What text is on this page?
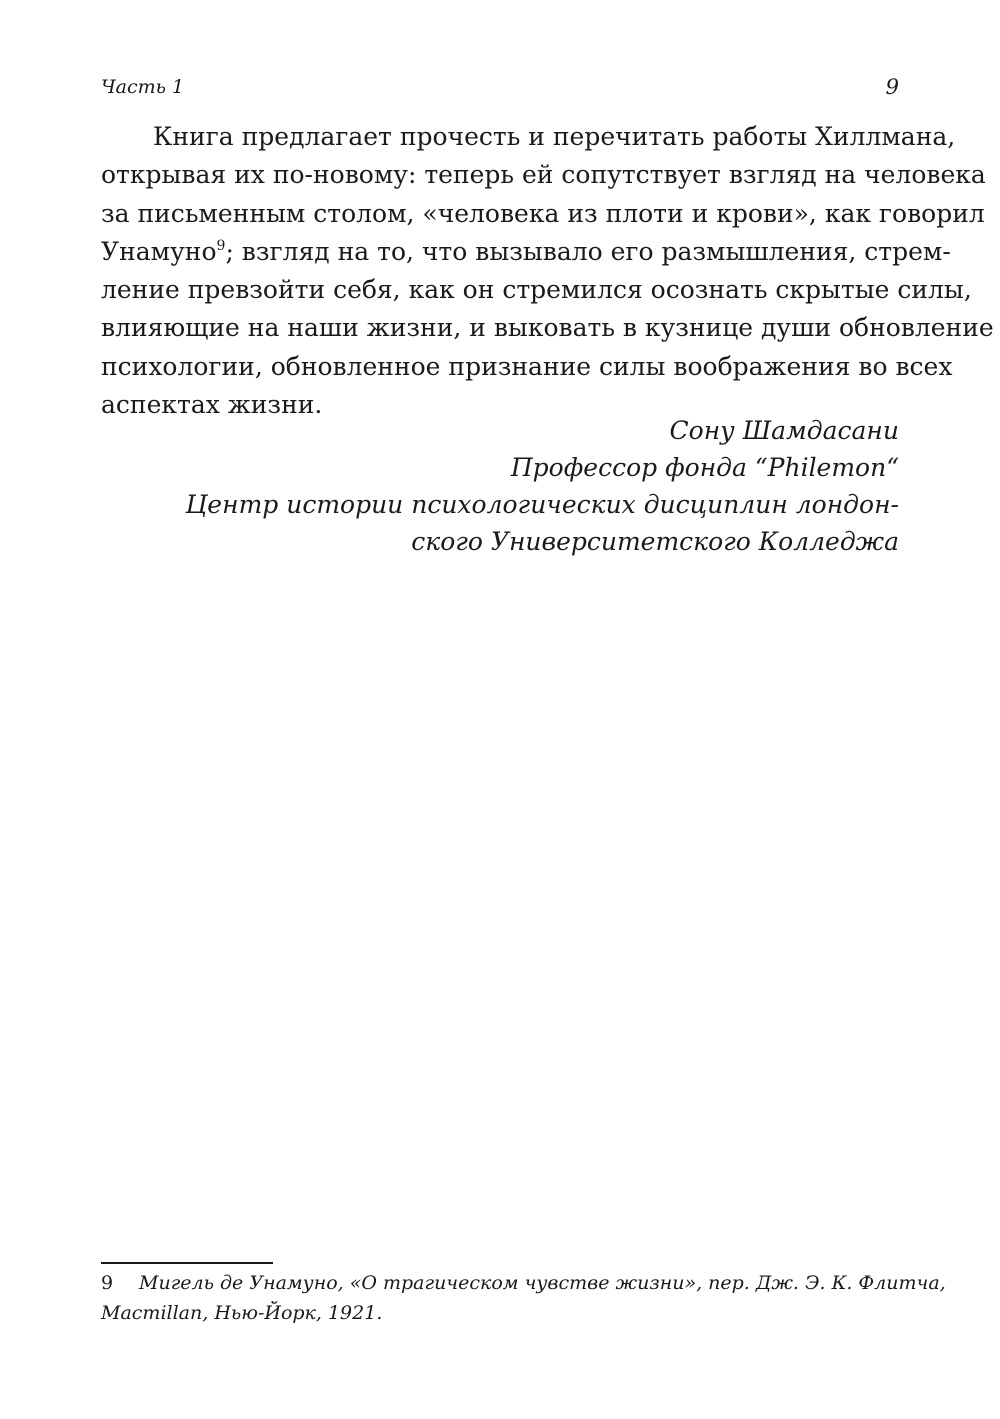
Часть 1	9
Книга предлагает прочесть и перечитать работы Хиллмана,
открывая их по-новому: теперь ей сопутствует взгляд на человека
за письменным столом, «человека из плоти и крови», как говорил
Унамуно$^9$; взгляд на то, что вызывало его размышления, стрем-
ление превзойти себя, как он стремился осознать скрытые силы,
влияющие на наши жизни, и выковать в кузнице души обновление
психологии, обновленное признание силы воображения во всех
аспектах жизни.
Сону Шамдасани
Профессор фонда “Philemon“
Центр истории психологических дисциплин лондон-
ского Университетского Колледжа
9 Мигель де Унамуно, «О трагическом чувстве жизни», пер. Дж. Э. К. Флитча,
Macmillan, Нью-Йорк, 1921.
